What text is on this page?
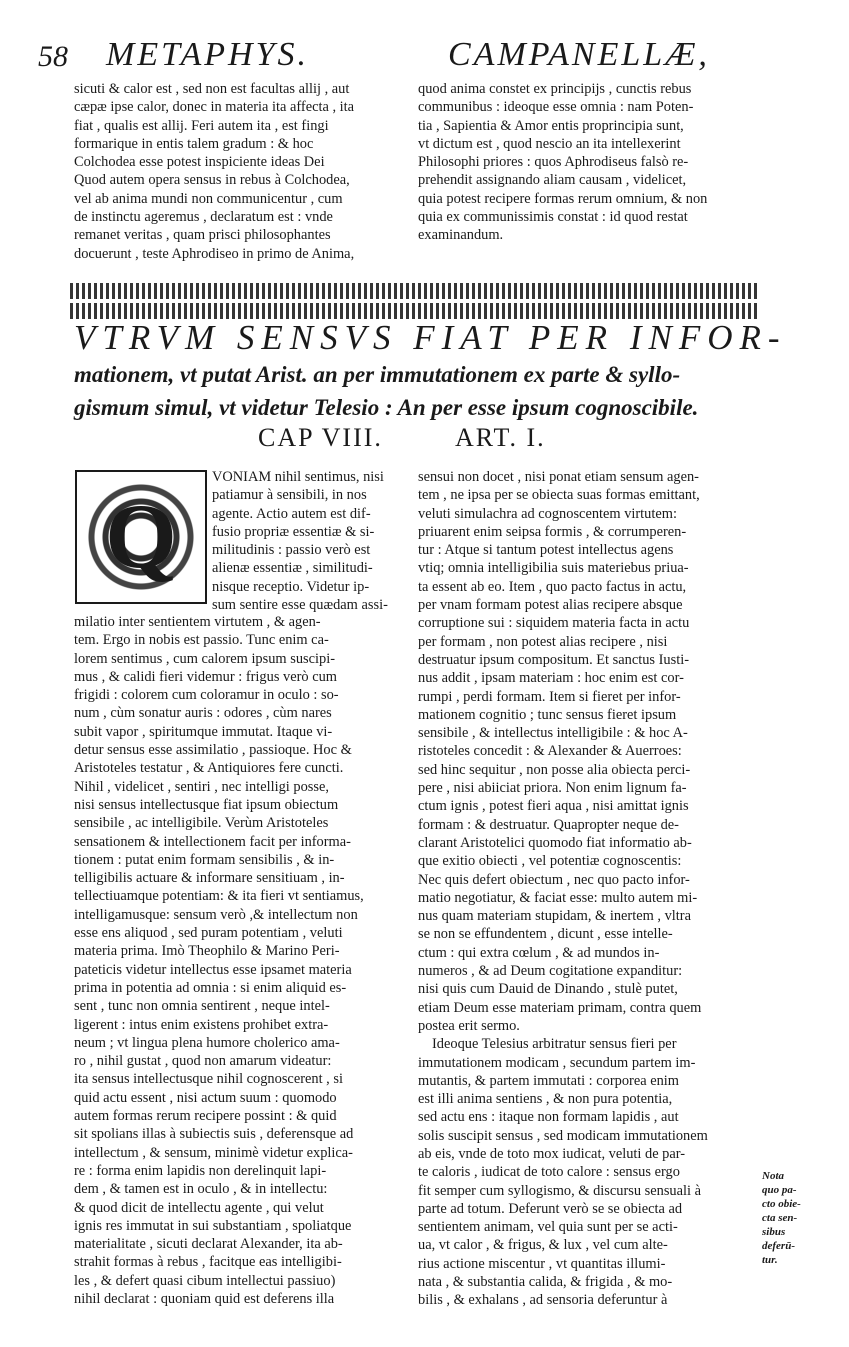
58 METAPHYS.	CAMPANELLÆ,

sicuti & calor est , sed non est facultas allij , aut

cæpæ ipse calor, donec in materia ita affecta , ita

fiat , qualis est allij. Feri autem ita , est fingi

formarique in entis talem gradum : & hoc

Colchodea esse potest inspiciente ideas Dei

Quod autem opera sensus in rebus à Colchodea,

vel ab anima mundi non communicentur , cum

de instinctu ageremus , declaratum est : vnde

remanet veritas , quam prisci philosophantes

docuerunt , teste Aphrodiseo in primo de Anima,

quod anima constet ex principijs , cunctis rebus

communibus : ideoque esse omnia : nam Poten-

tia , Sapientia & Amor entis proprincipia sunt,

vt dictum est , quod nescio an ita intellexerint

Philosophi priores : quos Aphrodiseus falsò re-

prehendit assignando aliam causam , videlicet,

quia potest recipere formas rerum omnium, & non

quia ex communissimis constat : id quod restat

examinandum.

VTRVM SENSVS FIAT PER INFOR-
mationem, vt putat Arist. an per immutationem ex parte & syllo-
gismum simul, vt videtur Telesio : An per esse ipsum cognoscibile.
CAP VIII.	ART. I.
Q

VONIAM nihil sentimus, nisi

patiamur à sensibili, in nos

agente. Actio autem est dif-

fusio propriæ essentiæ & si-

militudinis : passio verò est

alienæ essentiæ , similitudi-

nisque receptio. Videtur ip-

sum sentire esse quædam assi-

milatio inter sentientem virtutem , & agen-

tem. Ergo in nobis est passio. Tunc enim ca-

lorem sentimus , cum calorem ipsum suscipi-

mus , & calidi fieri videmur : frigus verò cum

frigidi : colorem cum coloramur in oculo : so-

num , cùm sonatur auris : odores , cùm nares

subit vapor , spiritumque immutat. Itaque vi-

detur sensus esse assimilatio , passioque. Hoc &

Aristoteles testatur , & Antiquiores fere cuncti.

Nihil , videlicet , sentiri , nec intelligi posse,

nisi sensus intellectusque fiat ipsum obiectum

sensibile , ac intelligibile. Verùm Aristoteles

sensationem & intellectionem facit per informa-

tionem : putat enim formam sensibilis , & in-

telligibilis actuare & informare sensitiuam , in-

tellectiuamque potentiam: & ita fieri vt sentiamus,

intelligamusque: sensum verò ,& intellectum non

esse ens aliquod , sed puram potentiam , veluti

materia prima. Imò Theophilo & Marino Peri-

pateticis videtur intellectus esse ipsamet materia

prima in potentia ad omnia : si enim aliquid es-

sent , tunc non omnia sentirent , neque intel-

ligerent : intus enim existens prohibet extra-

neum ; vt lingua plena humore cholerico ama-

ro , nihil gustat , quod non amarum videatur:

ita sensus intellectusque nihil cognoscerent , si

quid actu essent , nisi actum suum : quomodo

autem formas rerum recipere possint : & quid

sit spolians illas à subiectis suis , deferensque ad

intellectum , & sensum, minimè videtur explica-

re : forma enim lapidis non derelinquit lapi-

dem , & tamen est in oculo , & in intellectu:

& quod dicit de intellectu agente , qui velut

ignis res immutat in sui substantiam , spoliatque

materialitate , sicuti declarat Alexander, ita ab-

strahit formas à rebus , facitque eas intelligibi-

les , & defert quasi cibum intellectui passiuo)

nihil declarat : quoniam quid est deferens illa

sensui non docet , nisi ponat etiam sensum agen-

tem , ne ipsa per se obiecta suas formas emittant,

veluti simulachra ad cognoscentem virtutem:

priuarent enim seipsa formis , & corrumperen-

tur : Atque si tantum potest intellectus agens

vtiq; omnia intelligibilia suis materiebus priua-

ta essent ab eo. Item , quo pacto factus in actu,

per vnam formam potest alias recipere absque

corruptione sui : siquidem materia facta in actu

per formam , non potest alias recipere , nisi

destruatur ipsum compositum. Et sanctus Iusti-

nus addit , ipsam materiam : hoc enim est cor-

rumpi , perdi formam. Item si fieret per infor-

mationem cognitio ; tunc sensus fieret ipsum

sensibile , & intellectus intelligibile : & hoc A-

ristoteles concedit : & Alexander & Auerroes:

sed hinc sequitur , non posse alia obiecta perci-

pere , nisi abiiciat priora. Non enim lignum fa-

ctum ignis , potest fieri aqua , nisi amittat ignis

formam : & destruatur. Quapropter neque de-

clarant Aristotelici quomodo fiat informatio ab-

que exitio obiecti , vel potentiæ cognoscentis:

Nec quis defert obiectum , nec quo pacto infor-

matio negotiatur, & faciat esse: multo autem mi-

nus quam materiam stupidam, & inertem , vltra

se non se effundentem , dicunt , esse intelle-

ctum : qui extra cœlum , & ad mundos in-

numeros , & ad Deum cogitatione expanditur:

nisi quis cum Dauid de Dinando , stulè putet,

etiam Deum esse materiam primam, contra quem

postea erit sermo.

Ideoque Telesius arbitratur sensus fieri per

immutationem modicam , secundum partem im-

mutantis, & partem immutati : corporea enim

est illi anima sentiens , & non pura potentia,

sed actu ens : itaque non formam lapidis , aut

solis suscipit sensus , sed modicam immutationem

ab eis, vnde de toto mox iudicat, veluti de par-

te caloris , iudicat de toto calore : sensus ergo

fit semper cum syllogismo, & discursu sensuali à

parte ad totum. Deferunt verò se se obiecta ad

sentientem animam, vel quia sunt per se acti-

ua, vt calor , & frigus, & lux , vel cum alte-

rius actione miscentur , vt quantitas illumi-

nata , & substantia calida, & frigida , & mo-

bilis , & exhalans , ad sensoria deferuntur à

Nota
quo pa-
cto obie-
cta sen-
sibus
deferū-
tur.
